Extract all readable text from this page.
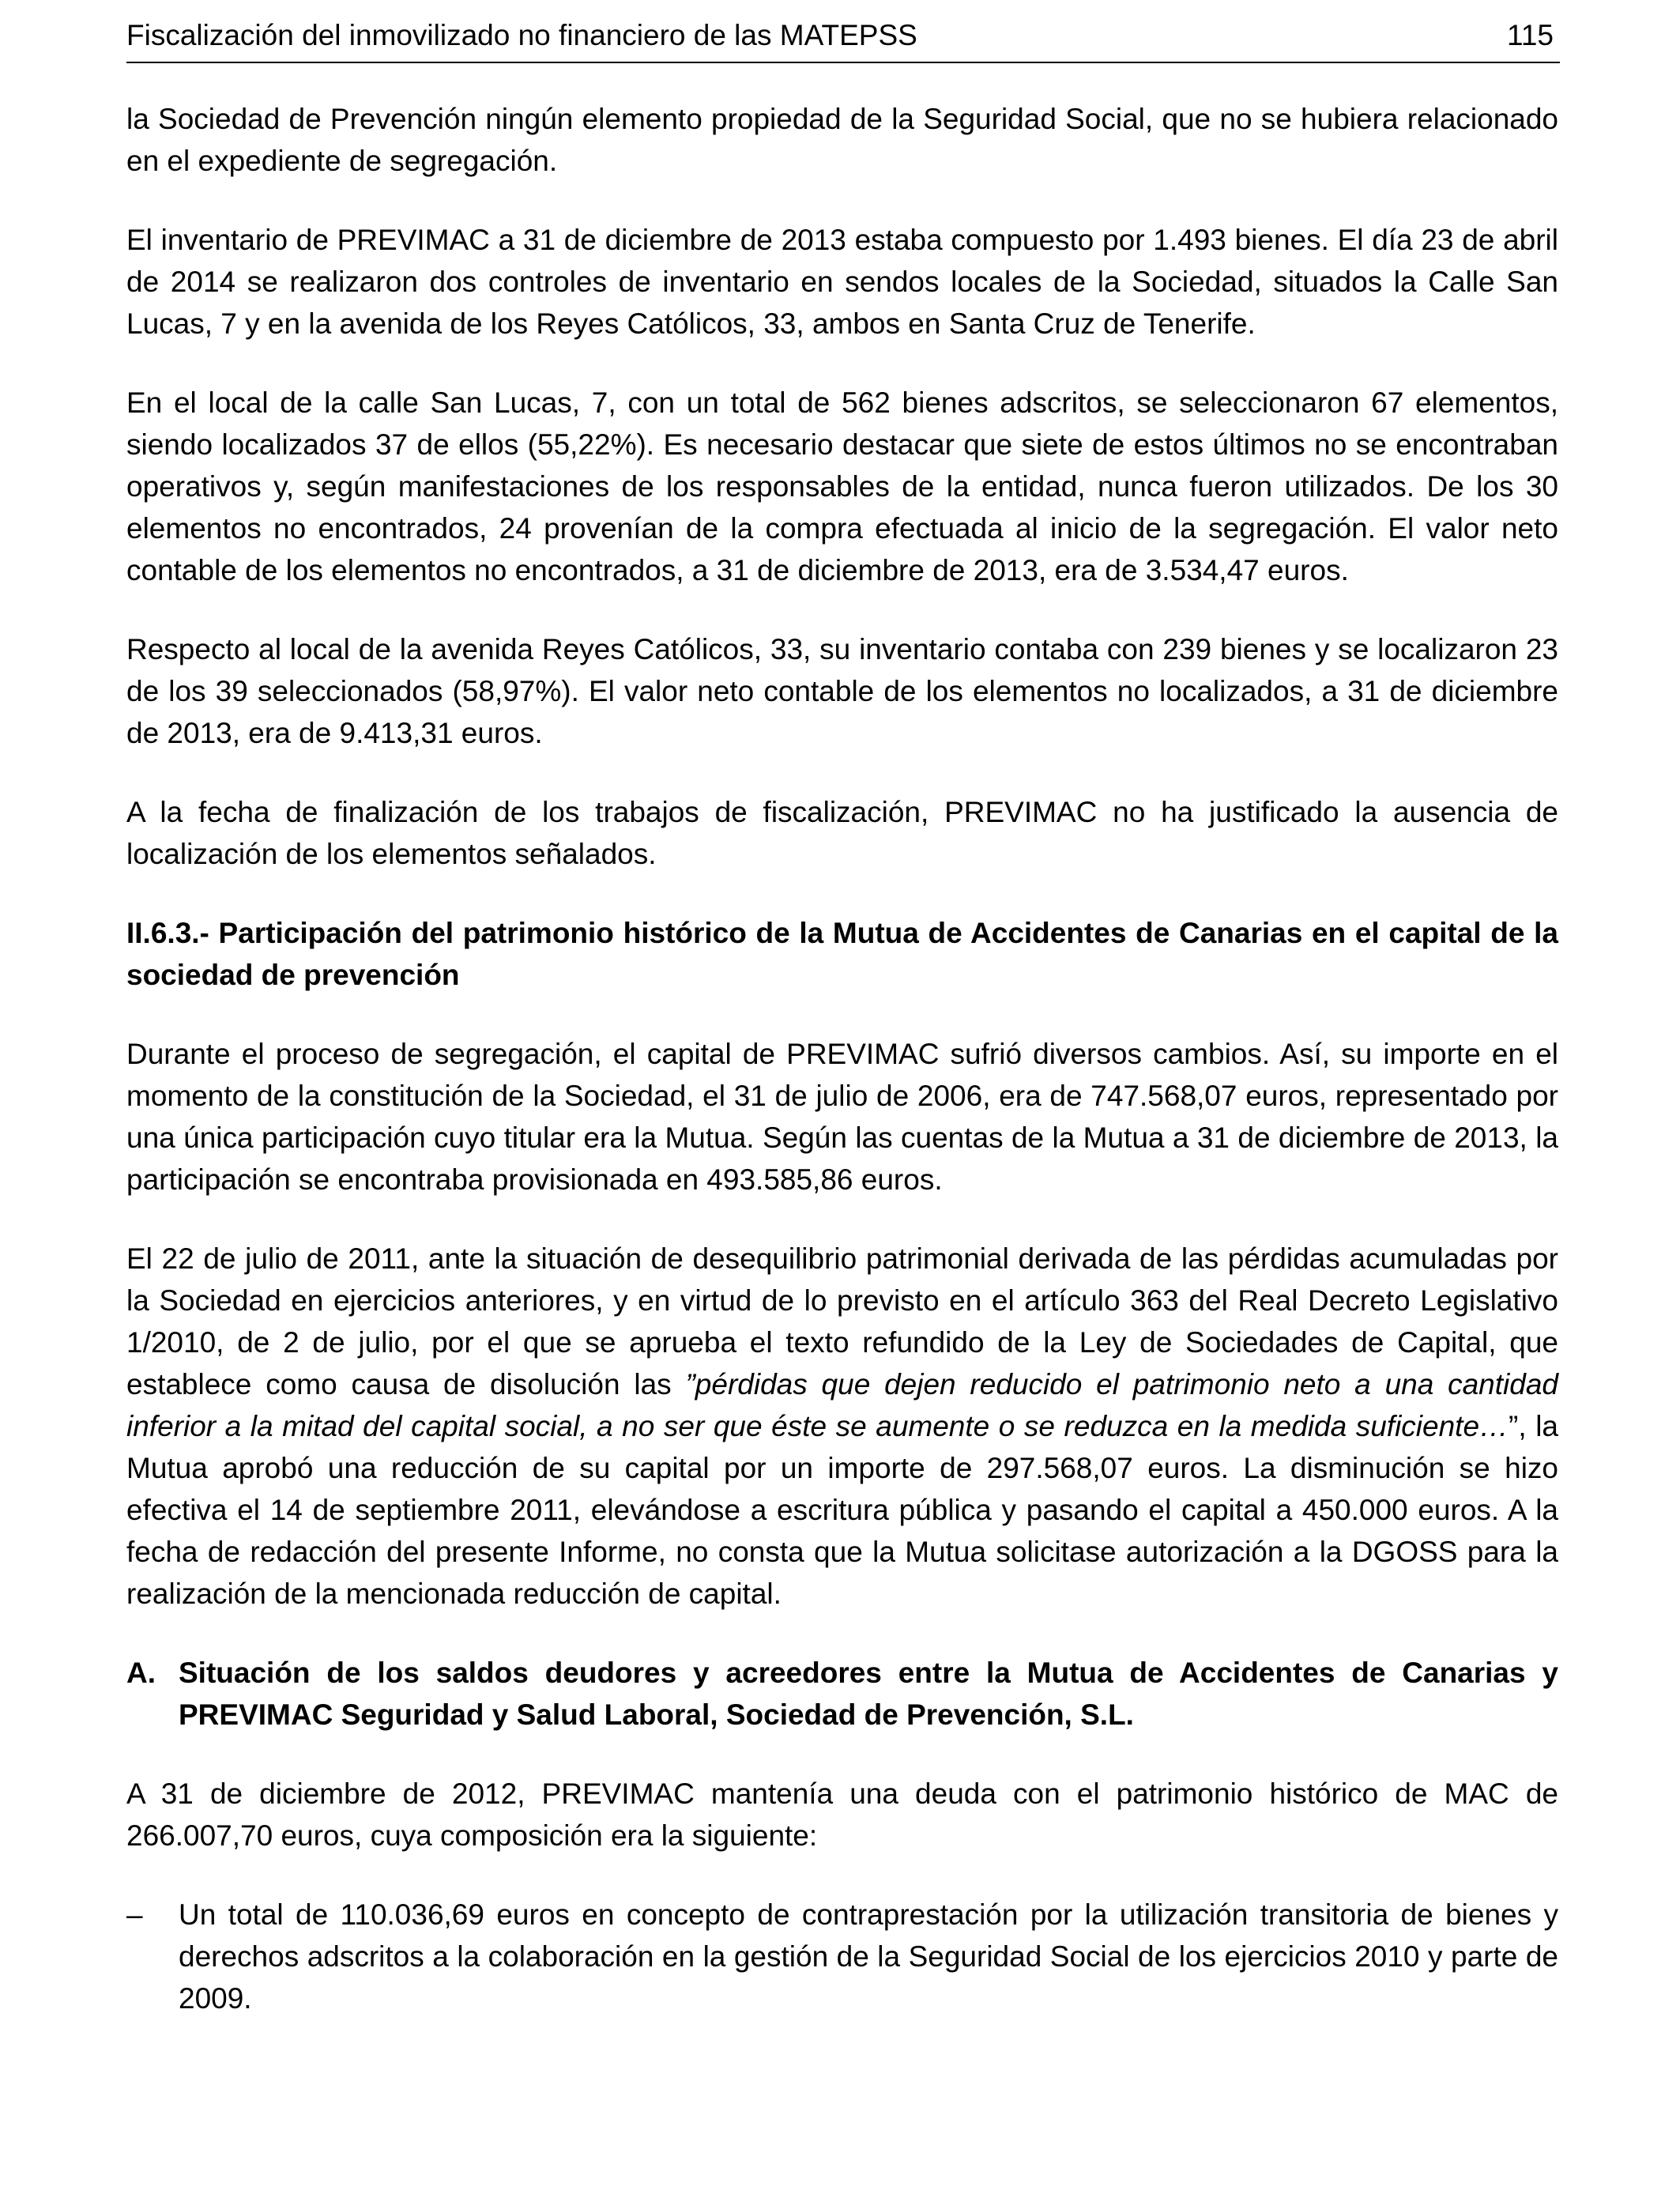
Fiscalización del inmovilizado no financiero de las MATEPSS	115

la Sociedad de Prevención ningún elemento propiedad de la Seguridad Social, que no se hubiera relacionado en el expediente de segregación.

El inventario de PREVIMAC a 31 de diciembre de 2013 estaba compuesto por 1.493 bienes. El día 23 de abril de 2014 se realizaron dos controles de inventario en sendos locales de la Sociedad, situados la Calle San Lucas, 7 y en la avenida de los Reyes Católicos, 33, ambos en Santa Cruz de Tenerife.

En el local de la calle San Lucas, 7, con un total de 562 bienes adscritos, se seleccionaron 67 elementos, siendo localizados 37 de ellos (55,22%). Es necesario destacar que siete de estos últimos no se encontraban operativos y, según manifestaciones de los responsables de la entidad, nunca fueron utilizados. De los 30 elementos no encontrados, 24 provenían de la compra efectuada al inicio de la segregación. El valor neto contable de los elementos no encontrados, a 31 de diciembre de 2013, era de 3.534,47 euros.

Respecto al local de la avenida Reyes Católicos, 33, su inventario contaba con 239 bienes y se localizaron 23 de los 39 seleccionados (58,97%). El valor neto contable de los elementos no localizados, a 31 de diciembre de 2013, era de 9.413,31 euros.

A la fecha de finalización de los trabajos de fiscalización, PREVIMAC no ha justificado la ausencia de localización de los elementos señalados.

II.6.3.- Participación del patrimonio histórico de la Mutua de Accidentes de Canarias en el capital de la sociedad de prevención

Durante el proceso de segregación, el capital de PREVIMAC sufrió diversos cambios. Así, su importe en el momento de la constitución de la Sociedad, el 31 de julio de 2006, era de 747.568,07 euros, representado por una única participación cuyo titular era la Mutua. Según las cuentas de la Mutua a 31 de diciembre de 2013, la participación se encontraba provisionada en 493.585,86 euros.

El 22 de julio de 2011, ante la situación de desequilibrio patrimonial derivada de las pérdidas acumuladas por la Sociedad en ejercicios anteriores, y en virtud de lo previsto en el artículo 363 del Real Decreto Legislativo 1/2010, de 2 de julio, por el que se aprueba el texto refundido de la Ley de Sociedades de Capital, que establece como causa de disolución las ”pérdidas que dejen reducido el patrimonio neto a una cantidad inferior a la mitad del capital social, a no ser que éste se aumente o se reduzca en la medida suficiente…”, la Mutua aprobó una reducción de su capital por un importe de 297.568,07 euros. La disminución se hizo efectiva el 14 de septiembre 2011, elevándose a escritura pública y pasando el capital a 450.000 euros. A la fecha de redacción del presente Informe, no consta que la Mutua solicitase autorización a la DGOSS para la realización de la mencionada reducción de capital.

A. Situación de los saldos deudores y acreedores entre la Mutua de Accidentes de Canarias y PREVIMAC Seguridad y Salud Laboral, Sociedad de Prevención, S.L.

A 31 de diciembre de 2012, PREVIMAC mantenía una deuda con el patrimonio histórico de MAC de 266.007,70 euros, cuya composición era la siguiente:

–	Un total de 110.036,69 euros en concepto de contraprestación por la utilización transitoria de bienes y derechos adscritos a la colaboración en la gestión de la Seguridad Social de los ejercicios 2010 y parte de 2009.
